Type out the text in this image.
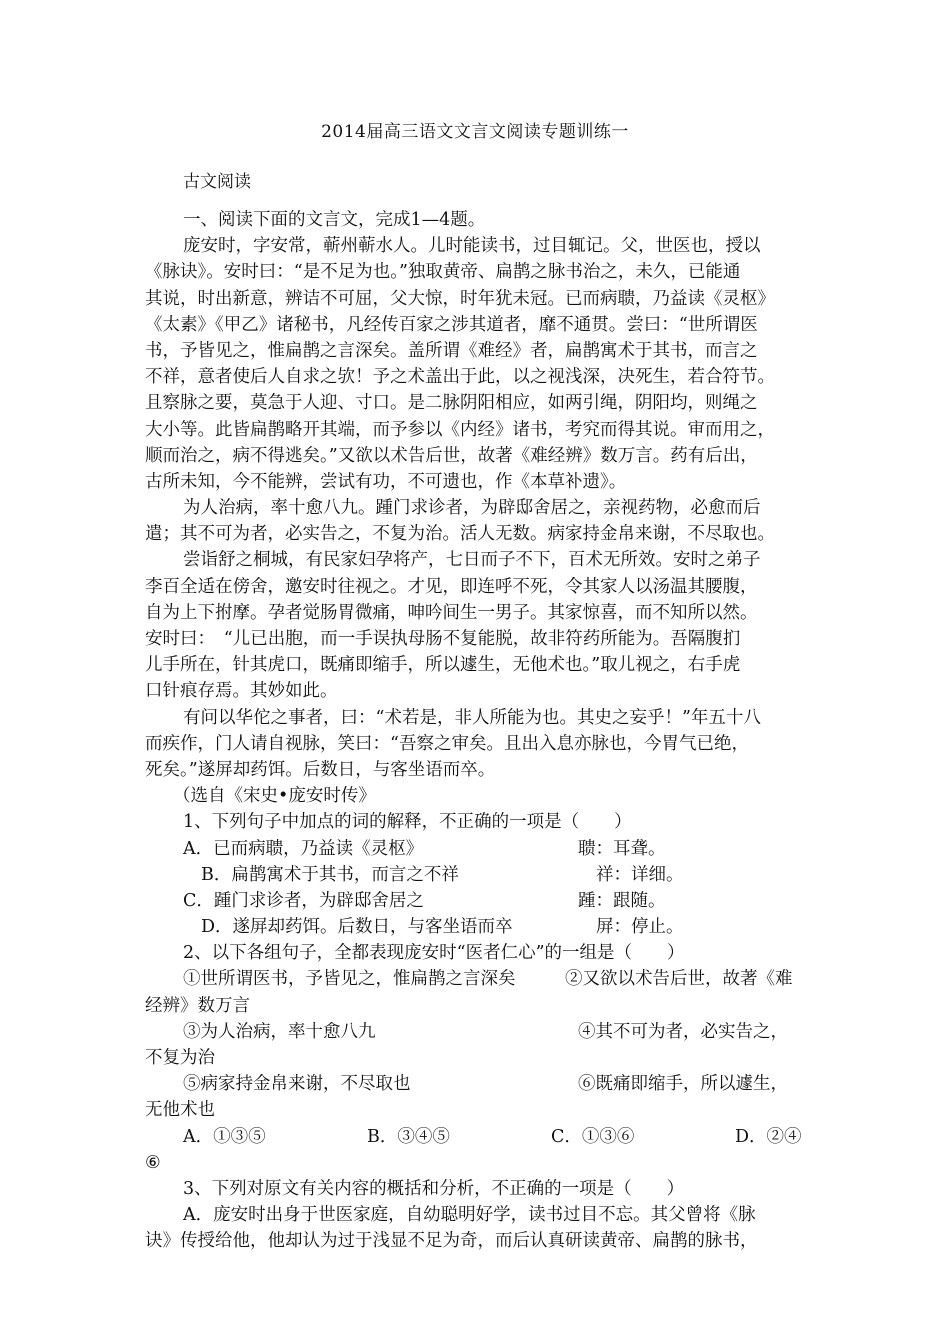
2014届高三语文文言文阅读专题训练一
古文阅读
一、阅读下面的文言文，完成1—4题。
庞安时，字安常，蕲州蕲水人。儿时能读书，过目辄记。父，世医也，授以
《脉诀》。安时曰：“是不足为也。”独取黄帝、扁鹊之脉书治之，未久，已能通
其说，时出新意，辨诘不可屈，父大惊，时年犹未冠。已而病聩，乃益读《灵枢》
《太素》《甲乙》诸秘书，凡经传百家之涉其道者，靡不通贯。尝曰：“世所谓医
书，予皆见之，惟扁鹊之言深矣。盖所谓《难经》者，扁鹊寓术于其书，而言之
不祥，意者使后人自求之欤！予之术盖出于此，以之视浅深，决死生，若合符节。
且察脉之要，莫急于人迎、寸口。是二脉阴阳相应，如两引绳，阴阳均，则绳之
大小等。此皆扁鹊略开其端，而予参以《内经》诸书，考究而得其说。审而用之，
顺而治之，病不得逃矣。”又欲以术告后世，故著《难经辨》数万言。药有后出，
古所未知，今不能辨，尝试有功，不可遗也，作《本草补遗》。
为人治病，率十愈八九。踵门求诊者，为辟邸舍居之，亲视药物，必愈而后
遣；其不可为者，必实告之，不复为治。活人无数。病家持金帛来谢，不尽取也。
尝诣舒之桐城，有民家妇孕将产，七日而子不下，百术无所效。安时之弟子
李百全适在傍舍，邀安时往视之。才见，即连呼不死，令其家人以汤温其腰腹，
自为上下拊摩。孕者觉肠胃微痛，呻吟间生一男子。其家惊喜，而不知所以然。
安时曰：　“儿已出胞，而一手误执母肠不复能脱，故非符药所能为。吾隔腹扪
儿手所在，针其虎口，既痛即缩手，所以遽生，无他术也。”取儿视之，右手虎
口针痕存焉。其妙如此。
有问以华佗之事者，曰：“术若是，非人所能为也。其史之妄乎！”年五十八
而疾作，门人请自视脉，笑曰：“吾察之审矣。且出入息亦脉也，今胃气已绝，
死矣。”遂屏却药饵。后数日，与客坐语而卒。
（选自《宋史•庞安时传》
1、下列句子中加点的词的解释，不正确的一项是（　　）
A．已而病聩，乃益读《灵枢》	聩：耳聋。
B．扁鹊寓术于其书，而言之不祥	祥：详细。
C．踵门求诊者，为辟邸舍居之	踵：跟随。
D．遂屏却药饵。后数日，与客坐语而卒	屏：停止。
2、以下各组句子，全都表现庞安时“医者仁心”的一组是（　　）
①世所谓医书，予皆见之，惟扁鹊之言深矣	②又欲以术告后世，故著《难
经辨》数万言
③为人治病，率十愈八九	④其不可为者，必实告之，
不复为治
⑤病家持金帛来谢，不尽取也	⑥既痛即缩手，所以遽生，
无他术也
A．①③⑤	B．③④⑤	C．①③⑥	D．②④
⑥
3、下列对原文有关内容的概括和分析，不正确的一项是（　　）
A．庞安时出身于世医家庭，自幼聪明好学，读书过目不忘。其父曾将《脉
诀》传授给他，他却认为过于浅显不足为奇，而后认真研读黄帝、扁鹊的脉书，
